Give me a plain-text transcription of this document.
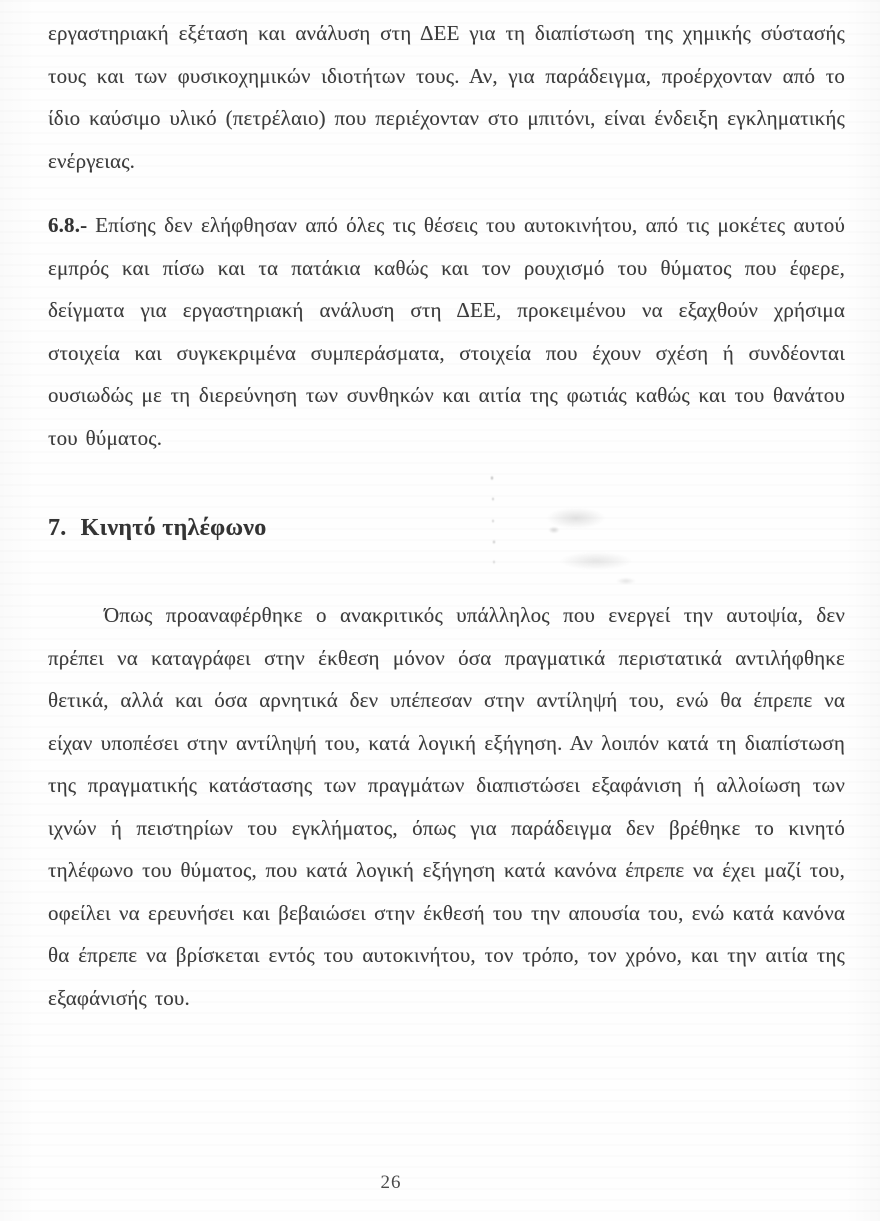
εργαστηριακή εξέταση και ανάλυση στη ΔΕΕ για τη διαπίστωση της χημικής σύστασής τους και των φυσικοχημικών ιδιοτήτων τους. Αν, για παράδειγμα, προέρχονταν από το ίδιο καύσιμο υλικό (πετρέλαιο) που περιέχονταν στο μπιτόνι, είναι ένδειξη εγκληματικής ενέργειας.

6.8.- Επίσης δεν ελήφθησαν από όλες τις θέσεις του αυτοκινήτου, από τις μοκέτες αυτού εμπρός και πίσω και τα πατάκια καθώς και τον ρουχισμό του θύματος που έφερε, δείγματα για εργαστηριακή ανάλυση στη ΔΕΕ, προκειμένου να εξαχθούν χρήσιμα στοιχεία και συγκεκριμένα συμπεράσματα, στοιχεία που έχουν σχέση ή συνδέονται ουσιωδώς με τη διερεύνηση των συνθηκών και αιτία της φωτιάς καθώς και του θανάτου του θύματος.

7. Κινητό τηλέφωνο

Όπως προαναφέρθηκε ο ανακριτικός υπάλληλος που ενεργεί την αυτοψία, δεν πρέπει να καταγράφει στην έκθεση μόνον όσα πραγματικά περιστατικά αντιλήφθηκε θετικά, αλλά και όσα αρνητικά δεν υπέπεσαν στην αντίληψή του, ενώ θα έπρεπε να είχαν υποπέσει στην αντίληψή του, κατά λογική εξήγηση. Αν λοιπόν κατά τη διαπίστωση της πραγματικής κατάστασης των πραγμάτων διαπιστώσει εξαφάνιση ή αλλοίωση των ιχνών ή πειστηρίων του εγκλήματος, όπως για παράδειγμα δεν βρέθηκε το κινητό τηλέφωνο του θύματος, που κατά λογική εξήγηση κατά κανόνα έπρεπε να έχει μαζί του, οφείλει να ερευνήσει και βεβαιώσει στην έκθεσή του την απουσία του, ενώ κατά κανόνα θα έπρεπε να βρίσκεται εντός του αυτοκινήτου, τον τρόπο, τον χρόνο, και την αιτία της εξαφάνισής του.

26
